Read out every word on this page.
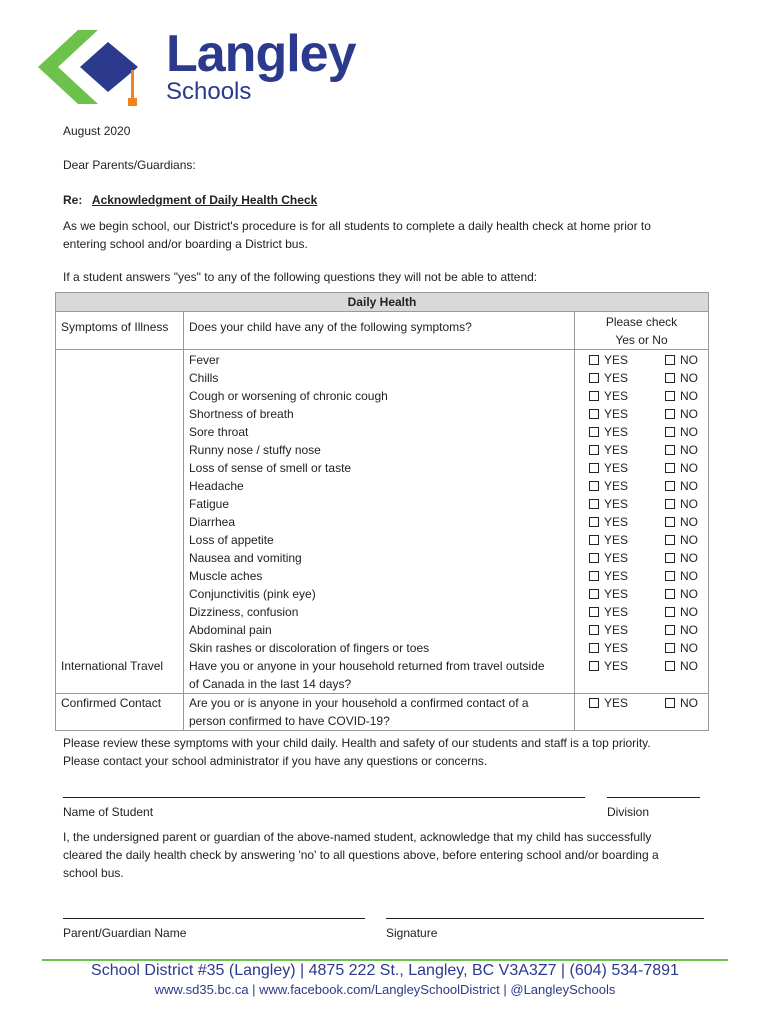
Langley
Schools
August 2020
Dear Parents/Guardians:
Re: Acknowledgment of Daily Health Check
As we begin school, our District's procedure is for all students to complete a daily health check at home prior to
entering school and/or boarding a District bus.
If a student answers "yes" to any of the following questions they will not be able to attend:
Daily Health		
Symptoms of Illness	Does your child have any of the following symptoms?	Please check
Yes or No

	Fever	YES NO
	Chills	YES NO
	Cough or worsening of chronic cough	YES NO
	Shortness of breath	YES NO
	Sore throat	YES NO
	Runny nose / stuffy nose	YES NO
	Loss of sense of smell or taste	YES NO
	Headache	YES NO
	Fatigue	YES NO
	Diarrhea	YES NO
	Loss of appetite	YES NO
	Nausea and vomiting	YES NO
	Muscle aches	YES NO
	Conjunctivitis (pink eye)	YES NO
	Dizziness, confusion	YES NO
	Abdominal pain	YES NO
	Skin rashes or discoloration of fingers or toes	YES NO
International Travel	Have you or anyone in your household returned from travel outside
of Canada in the last 14 days?	YES NO
Confirmed Contact	Are you or is anyone in your household a confirmed contact of a
person confirmed to have COVID-19?	YES NO
Please review these symptoms with your child daily. Health and safety of our students and staff is a top priority.
Please contact your school administrator if you have any questions or concerns.
Name of Student	Division
I, the undersigned parent or guardian of the above-named student, acknowledge that my child has successfully
cleared the daily health check by answering 'no' to all questions above, before entering school and/or boarding a
school bus.
Parent/Guardian Name	Signature
School District #35 (Langley) | 4875 222 St., Langley, BC V3A3Z7 | (604) 534-7891
www.sd35.bc.ca | www.facebook.com/LangleySchoolDistrict | @LangleySchools
